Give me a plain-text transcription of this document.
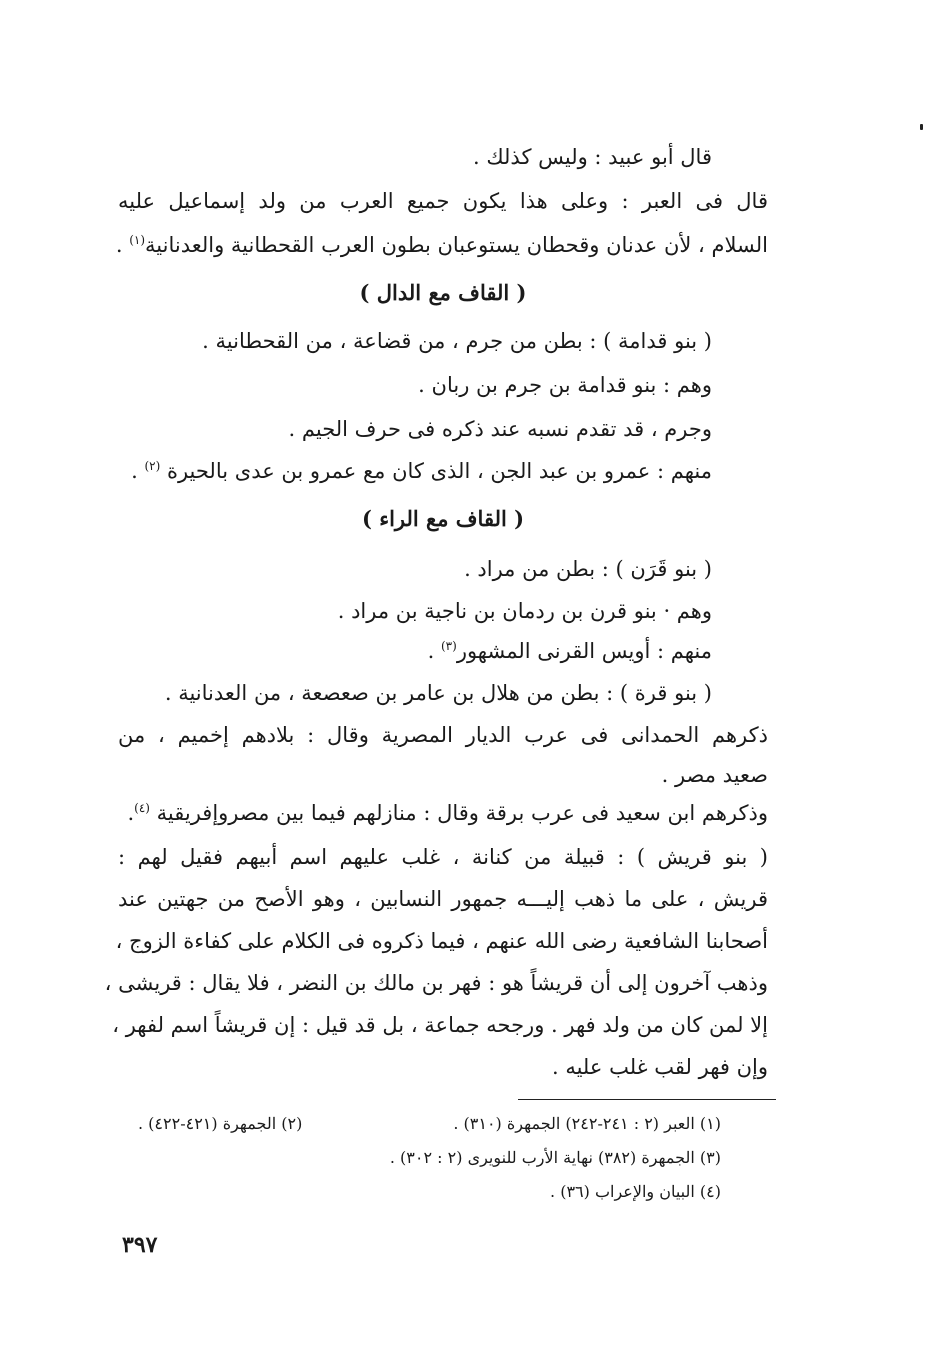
قال أبو عبيد : وليس كذلك .
قال فى العبر : وعلى هذا يكون جميع العرب من ولد إسماعيل عليه
السلام ، لأن عدنان وقحطان يستوعبان بطون العرب القحطانية والعدنانية$^{(١)}$ .
( القاف مع الدال )
( بنو قدامة ) : بطن من جرم ، من قضاعة ، من القحطانية .
وهم : بنو قدامة بن جرم بن ربان .
وجرم ، قد تقدم نسبه عند ذكره فى حرف الجيم .
منهم : عمرو بن عبد الجن ، الذى كان مع عمرو بن عدى بالحيرة $^{(٢)}$ .
( القاف مع الراء )
( بنو قَرَن ) : بطن من مراد .
وهم · بنو قرن بن ردمان بن ناجية بن مراد .
منهم : أويس القرنى المشهور$^{(٣)}$ .
( بنو قرة ) : بطن من هلال بن عامر بن صعصعة ، من العدنانية .
ذكرهم الحمدانى فى عرب الديار المصرية وقال : بلادهم إخميم ، من
صعيد مصر .
وذكرهم ابن سعيد فى عرب برقة وقال : منازلهم فيما بين مصروإفريقية $^{(٤)}$.
( بنو قريش ) : قبيلة من كنانة ، غلب عليهم اسم أبيهم فقيل لهم :
قريش ، على ما ذهب إليـــه جمهور النسابين ، وهو الأصح من جهتين عند
أصحابنا الشافعية رضى الله عنهم ، فيما ذكروه فى الكلام على كفاءة الزوج ،
وذهب آخرون إلى أن قريشاً هو : فهر بن مالك بن النضر ، فلا يقال : قريشى ،
إلا لمن كان من ولد فهر . ورجحه جماعة ، بل قد قيل : إن قريشاً اسم لفهر ،
وإن فهر لقب غلب عليه .
(١) العبر (٢ : ٢٤١-٢٤٢) الجمهرة (٣١٠) .
(٢) الجمهرة (٤٢١-٤٢٢) .
(٣) الجمهرة (٣٨٢) نهاية الأرب للنويرى (٢ : ٣٠٢) .
(٤) البيان والإعراب (٣٦) .
٣٩٧
